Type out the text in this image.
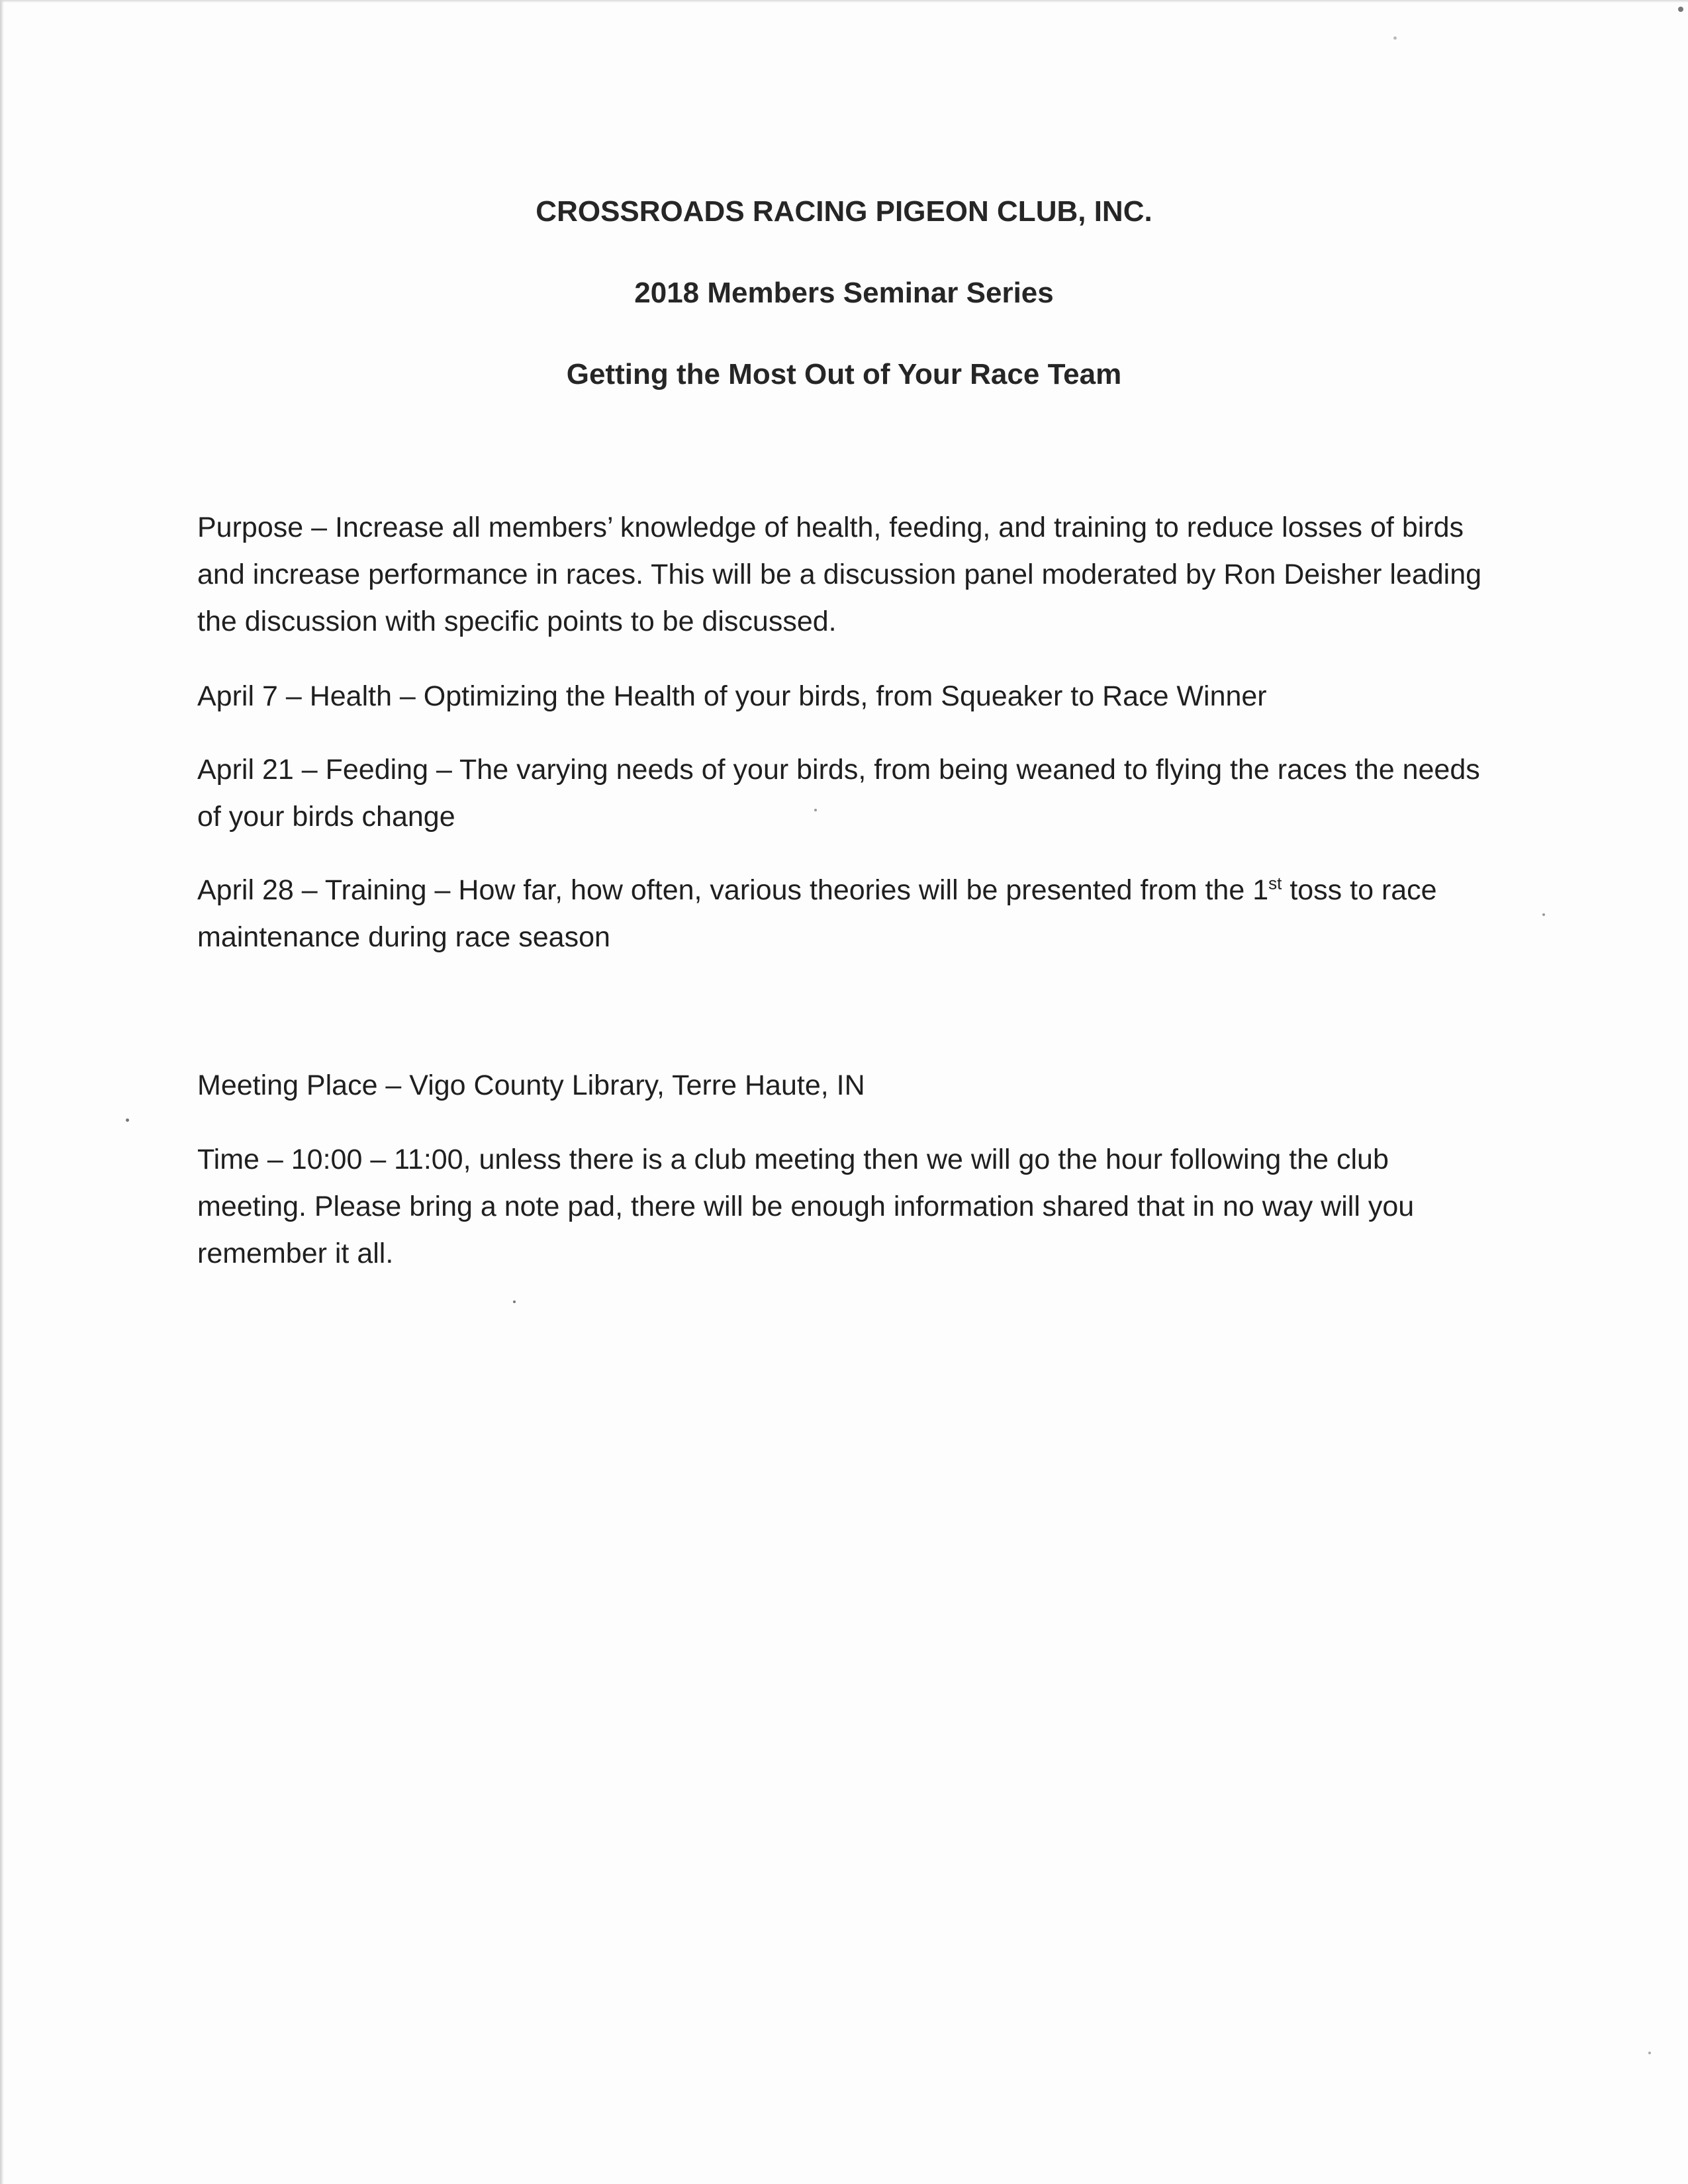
CROSSROADS RACING PIGEON CLUB, INC.
2018 Members Seminar Series
Getting the Most Out of Your Race Team

Purpose – Increase all members’ knowledge of health, feeding, and training to reduce losses of birds and increase performance in races. This will be a discussion panel moderated by Ron Deisher leading the discussion with specific points to be discussed.

April 7 – Health – Optimizing the Health of your birds, from Squeaker to Race Winner

April 21 – Feeding – The varying needs of your birds, from being weaned to flying the races the needs of your birds change

April 28 – Training – How far, how often, various theories will be presented from the 1st toss to race maintenance during race season

Meeting Place – Vigo County Library, Terre Haute, IN

Time – 10:00 – 11:00, unless there is a club meeting then we will go the hour following the club meeting. Please bring a note pad, there will be enough information shared that in no way will you remember it all.
